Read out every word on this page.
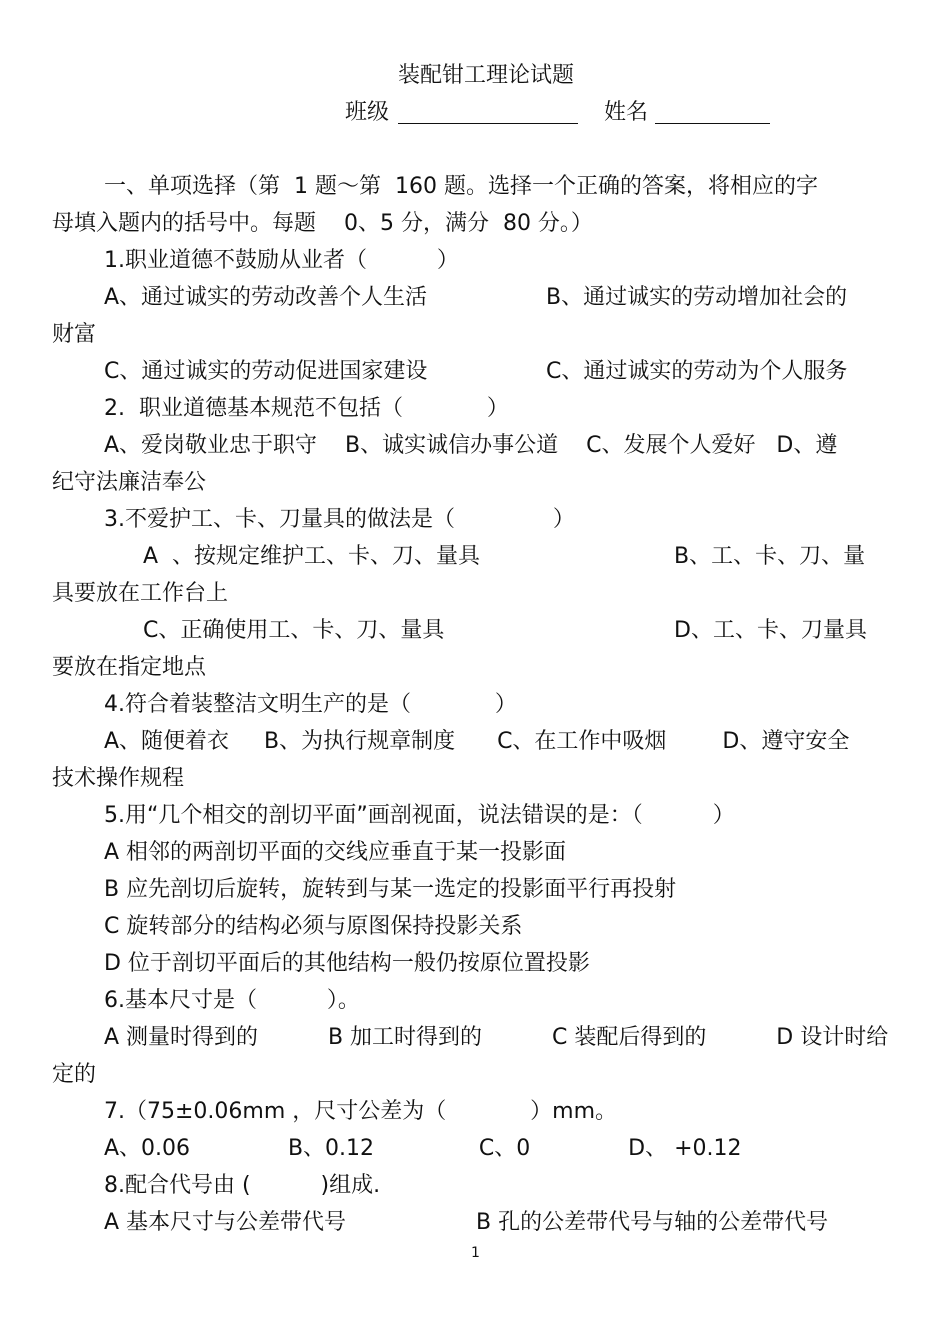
装配钳工理论试题
班级	姓名
一、单项选择（第  1 题～第  160 题。选择一个正确的答案，将相应的字
母填入题内的括号中。每题    0、5 分，满分  80 分。）
1.职业道德不鼓励从业者（          ）
A、通过诚实的劳动改善个人生活	B、通过诚实的劳动增加社会的
财富
C、通过诚实的劳动促进国家建设	C、通过诚实的劳动为个人服务
2.  职业道德基本规范不包括（            ）
A、爱岗敬业忠于职守    B、诚实诚信办事公道    C、发展个人爱好   D、遵
纪守法廉洁奉公
3.不爱护工、卡、刀量具的做法是（              ）
A  、按规定维护工、卡、刀、量具	B、工、卡、刀、量
具要放在工作台上
C、正确使用工、卡、刀、量具	D、工、卡、刀量具
要放在指定地点
4.符合着装整洁文明生产的是（            ）
A、随便着衣     B、为执行规章制度      C、在工作中吸烟        D、遵守安全
技术操作规程
5.用“几个相交的剖切平面”画剖视面，说法错误的是：（          ）
A 相邻的两剖切平面的交线应垂直于某一投影面
B 应先剖切后旋转，旋转到与某一选定的投影面平行再投射
C 旋转部分的结构必须与原图保持投影关系
D 位于剖切平面后的其他结构一般仍按原位置投影
6.基本尺寸是（          ）。
A 测量时得到的          B 加工时得到的          C 装配后得到的          D 设计时给
定的
7.（75±0.06mm ，尺寸公差为（            ）mm。
A、0.06              B、0.12               C、0              D、 +0.12
8.配合代号由 (          )组成.
A 基本尺寸与公差带代号	B 孔的公差带代号与轴的公差带代号
1
